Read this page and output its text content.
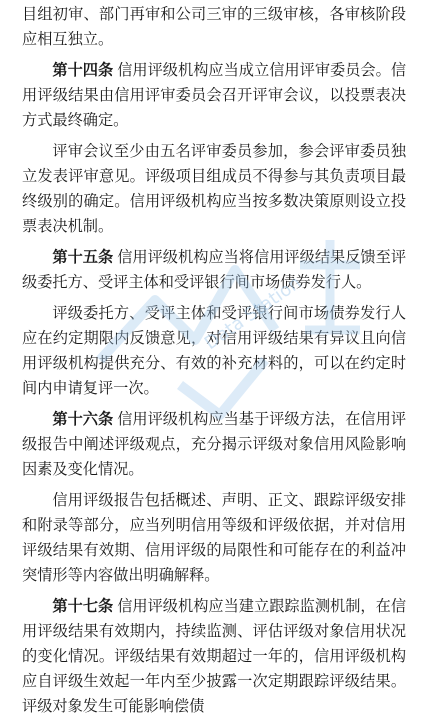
目组初审、部门再审和公司三审的三级审核，各审核阶段应相互独立。

第十四条 信用评级机构应当成立信用评审委员会。信用评级结果由信用评审委员会召开评审会议，以投票表决方式最终确定。

评审会议至少由五名评审委员参加，参会评审委员独立发表评审意见。评级项目组成员不得参与其负责项目最终级别的确定。信用评级机构应当按多数决策原则设立投票表决机制。

第十五条 信用评级机构应当将信用评级结果反馈至评级委托方、受评主体和受评银行间市场债券发行人。

评级委托方、受评主体和受评银行间市场债券发行人应在约定期限内反馈意见，对信用评级结果有异议且向信用评级机构提供充分、有效的补充材料的，可以在约定时间内申请复评一次。

第十六条 信用评级机构应当基于评级方法，在信用评级报告中阐述评级观点，充分揭示评级对象信用风险影响因素及变化情况。

信用评级报告包括概述、声明、正文、跟踪评级安排和附录等部分，应当列明信用等级和评级依据，并对信用评级结果有效期、信用评级的局限性和可能存在的利益冲突情形等内容做出明确解释。

第十七条 信用评级机构应当建立跟踪监测机制，在信用评级结果有效期内，持续监测、评估评级对象信用状况的变化情况。评级结果有效期超过一年的，信用评级机构应自评级生效起一年内至少披露一次定期跟踪评级结果。评级对象发生可能影响偿债

Data Station
